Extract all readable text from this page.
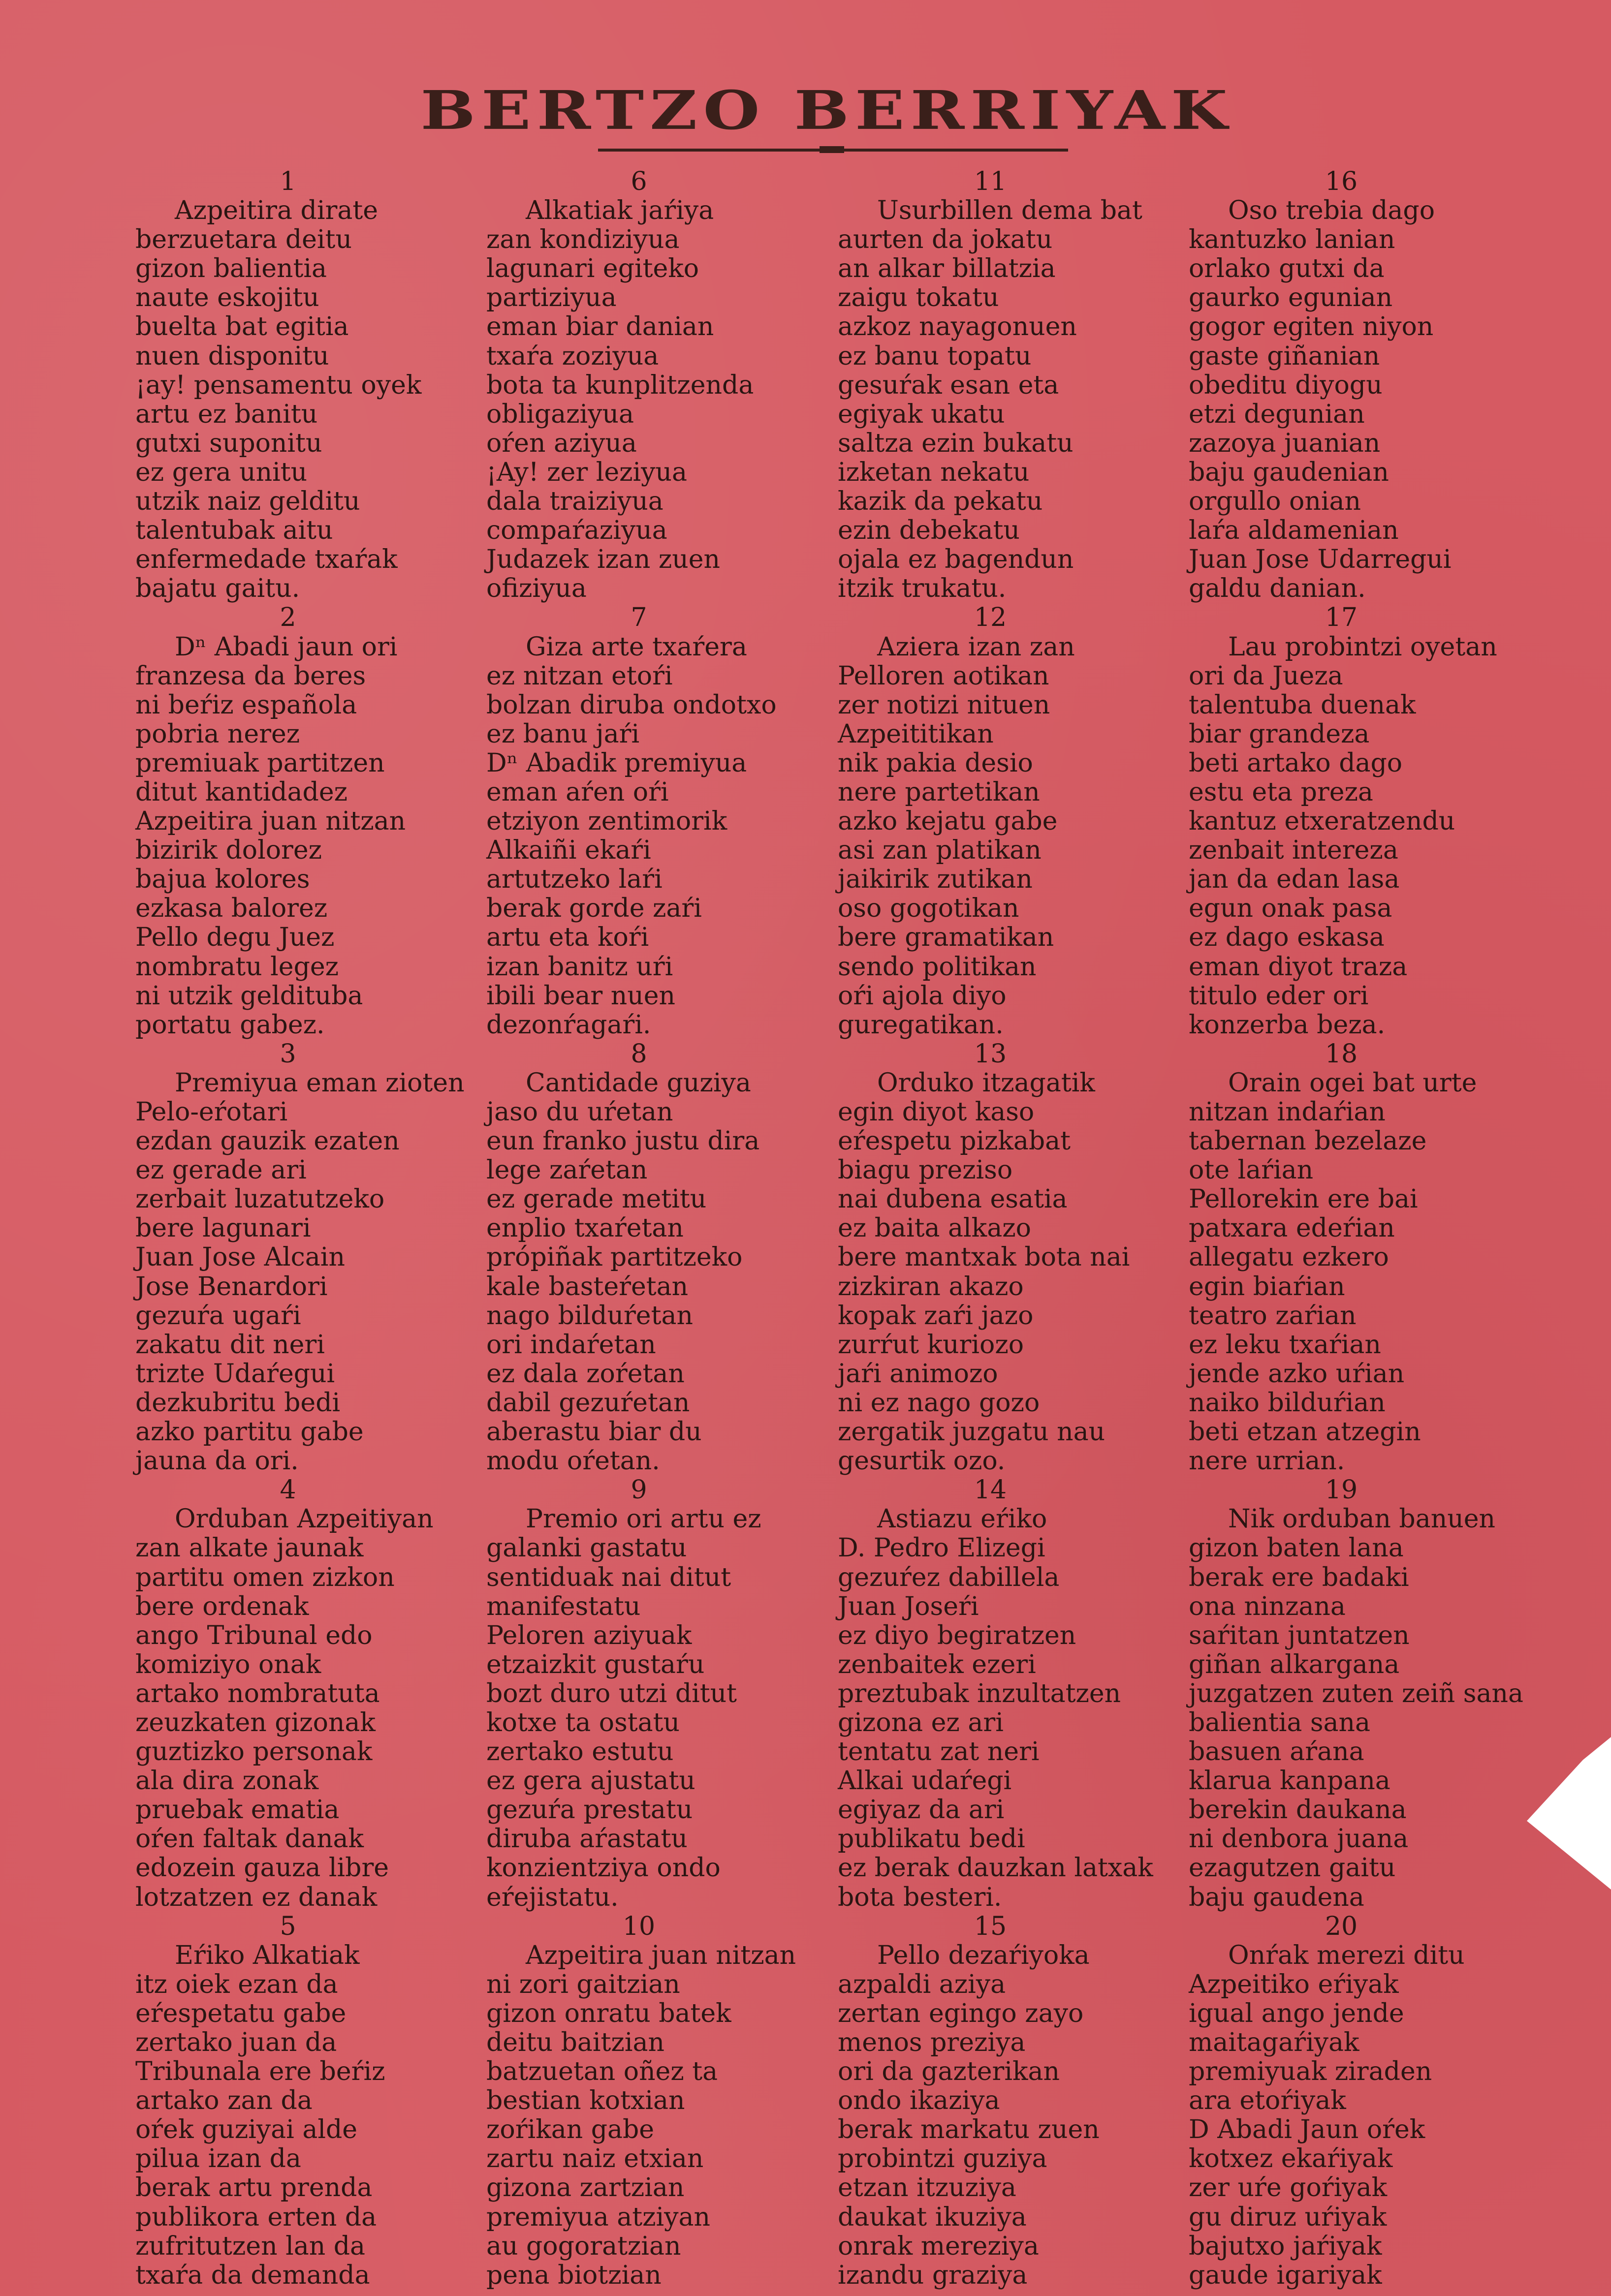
BERTZO BERRIYAK
1
Azpeitira dirate
berzuetara deitu
gizon balientia
naute eskojitu
buelta bat egitia
nuen disponitu
¡ay! pensamentu oyek
artu ez banitu
gutxi suponitu
ez gera unitu
utzik naiz gelditu
talentubak aitu
enfermedade txaŕak
bajatu gaitu.
2
Dⁿ Abadi jaun ori
franzesa da beres
ni beŕiz española
pobria nerez
premiuak partitzen
ditut kantidadez
Azpeitira juan nitzan
bizirik dolorez
bajua kolores
ezkasa balorez
Pello degu Juez
nombratu legez
ni utzik gelditubа
portatu gabez.
3
Premiyua eman zioten
Pelo-eŕotari
ezdan gauzik ezaten
ez gerade ari
zerbait luzatutzeko
bere lagunari
Juan Jose Alcain
Jose Benardori
gezuŕa ugaŕi
zakatu dit neri
trizte Udaŕegui
dezkubritu bedi
azko partitu gabe
jauna da ori.
4
Orduban Azpeitiyan
zan alkate jaunak
partitu omen zizkon
bere ordenak
ango Tribunal edo
komiziyo onak
artako nombratuta
zeuzkaten gizonak
guztizko personak
ala dira zonak
pruebak ematia
oŕen faltak danak
edozein gauza libre
lotzatzen ez danak
5
Eŕiko Alkatiak
itz oiek ezan da
eŕespetatu gabe
zertako juan da
Tribunala ere beŕiz
artako zan da
oŕek guziyai alde
pilua izan da
berak artu prenda
publikora erten da
zufritutzen lan da
txaŕa da demanda
6
Alkatiak jaŕiya
zan kondiziyua
lagunari egiteko
partiziyua
eman biar danian
txaŕa zoziyua
bota ta kunplitzenda
obligaziyua
oŕen aziyua
¡Ay! zer leziyua
dala traiziyua
compaŕaziyua
Judazek izan zuen
ofiziyua
7
Giza arte txaŕera
ez nitzan etoŕi
bolzan diruba ondotxo
ez banu jaŕi
Dⁿ Abadik premiyua
eman aŕen oŕi
etziyon zentimorik
Alkaiñi ekaŕi
artutzeko laŕi
berak gorde zaŕi
artu eta koŕi
izan banitz uŕi
ibili bear nuen
dezonŕagaŕi.
8
Cantidade guziya
jaso du uŕetan
eun franko justu dira
lege zaŕetan
ez gerade metitu
enplio txaŕetan
própiñak partitzeko
kale basteŕetan
nago bilduŕetan
ori indaŕetan
ez dala zoŕetan
dabil gezuŕetan
aberastu biar du
modu oŕetan.
9
Premio ori artu ez
galanki gastatu
sentiduak nai ditut
manifestatu
Peloren aziyuak
etzaizkit gustaŕu
bozt duro utzi ditut
kotxe ta ostatu
zertako estutu
ez gera ajustatu
gezuŕa prestatu
diruba aŕastatu
konzientziya ondo
eŕejistatu.
10
Azpeitira juan nitzan
ni zori gaitzian
gizon onratu batek
deitu baitzian
batzuetan oñez ta
bestian kotxian
zoŕikan gabe
zartu naiz etxian
gizona zartzian
premiyua atziyan
au gogoratzian
pena biotzian
11
Usurbillen dema bat
aurten da jokatu
an alkar billatzia
zaigu tokatu
azkoz nayagonuen
ez banu topatu
gesuŕak esan eta
egiyak ukatu
saltza ezin bukatu
izketan nekatu
kazik da pekatu
ezin debekatu
ojala ez bagendun
itzik trukatu.
12
Aziera izan zan
Pelloren aotikan
zer notizi nituen
Azpeititikan
nik pakia desio
nere partetikan
azko kejatu gabe
asi zan platikan
jaikirik zutikan
oso gogotikan
bere gramatikan
sendo politikan
oŕi ajola diyo
guregatikan.
13
Orduko itzagatik
egin diyot kaso
eŕespetu pizkabat
biagu preziso
nai dubena esatia
ez baita alkazo
bere mantxak bota nai
zizkiran akazo
kopak zaŕi jazo
zurŕut kuriozo
jaŕi animozo
ni ez nago gozo
zergatik juzgatu nau
gesurtik ozo.
14
Astiazu eŕiko
D. Pedro Elizegi
gezuŕez dabillela
Juan Joseŕi
ez diyo begiratzen
zenbaitek ezeri
preztubak inzultatzen
gizona ez ari
tentatu zat neri
Alkai udaŕegi
egiyaz da ari
publikatu bedi
ez berak dauzkan latxak
bota besteri.
15
Pello dezaŕiyoka
azpaldi aziya
zertan egingo zayo
menos preziya
ori da gazterikan
ondo ikaziya
berak markatu zuen
probintzi guziya
etzan itzuziya
daukat ikuziya
onrak mereziya
izandu graziya
16
Oso trebia dago
kantuzko lanian
orlako gutxi da
gaurko egunian
gogor egiten niyon
gaste giñanian
obeditu diyogu
etzi degunian
zazoya juanian
baju gaudenian
orgullo onian
laŕa aldamenian
Juan Jose Udarregui
galdu danian.
17
Lau probintzi oyetan
ori da Jueza
talentuba duenak
biar grandeza
beti artako dago
estu eta preza
kantuz etxeratzendu
zenbait intereza
jan da edan lasa
egun onak pasa
ez dago eskasa
eman diyot traza
titulo eder ori
konzerba beza.
18
Orain ogei bat urte
nitzan indaŕian
tabernan bezelaze
ote laŕian
Pellorekin ere bai
patxara edeŕian
allegatu ezkero
egin biaŕian
teatro zaŕian
ez leku txaŕian
jende azko uŕian
naiko bilduŕian
beti etzan atzegin
nere urrian.
19
Nik orduban banuen
gizon baten lana
berak ere badaki
ona ninzana
saŕitan juntatzen
giñan alkargana
juzgatzen zuten zeiñ sana
balientia sana
basuen aŕana
klarua kanpana
berekin daukana
ni denbora juana
ezagutzen gaitu
baju gaudena
20
Onŕak merezi ditu
Azpeitiko eŕiyak
igual ango jende
maitagaŕiyak
premiyuak ziraden
ara etoŕiyak
D Abadi Jaun oŕek
kotxez ekaŕiyak
zer uŕe goŕiyak
gu diruz uŕiyak
bajutxo jaŕiyak
gaude igariyak
